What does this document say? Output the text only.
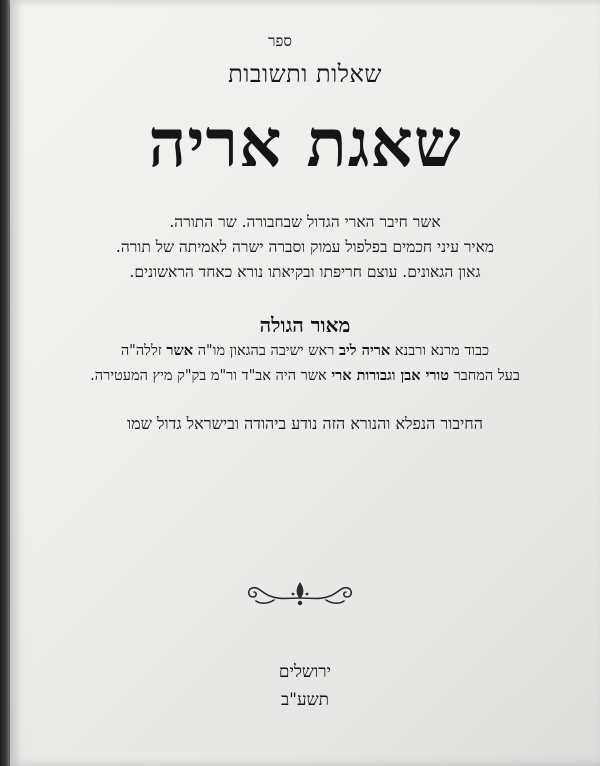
ספר
שאלות ותשובות
שאגת אריה
אשר חיבר הארי הגדול שבחבורה. שר התורה.
מאיר עיני חכמים בפלפול עמוק וסברה ישרה לאמיתה של תורה.
גאון הגאונים. עוצם חריפתו ובקיאתו נורא כאחד הראשונים.
מאור הגולה
כבוד מרנא ורבנא אריה ליב ראש ישיבה בהגאון מו"ה אשר זללה"ה
בעל המחבר טורי אבן וגבורות ארי אשר היה אב"ד ור"מ בק"ק מיץ המעטירה.
החיבור הנפלא והנורא הזה נודע ביהודה ובישראל גדול שמו
ירושלים
תשע"ב
